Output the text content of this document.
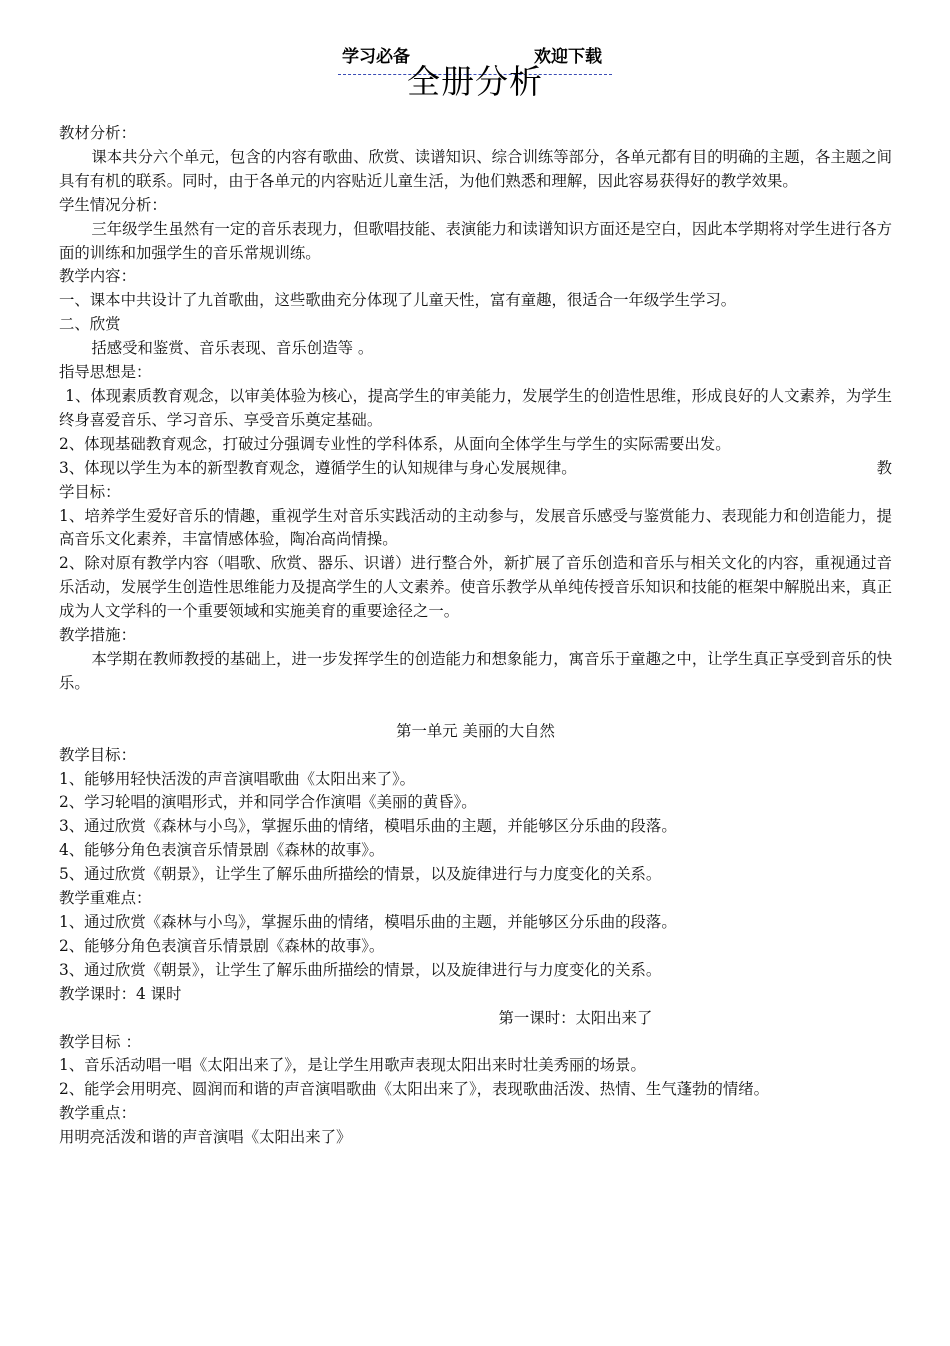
学习必备	欢迎下载
全册分析

教材分析：

课本共分六个单元，包含的内容有歌曲、欣赏、读谱知识、综合训练等部分，各单元都有目的明确的主题，各主题之间具有有机的联系。同时，由于各单元的内容贴近儿童生活，为他们熟悉和理解，因此容易获得好的教学效果。

学生情况分析：

三年级学生虽然有一定的音乐表现力，但歌唱技能、表演能力和读谱知识方面还是空白，因此本学期将对学生进行各方面的训练和加强学生的音乐常规训练。

教学内容：

一、课本中共设计了九首歌曲，这些歌曲充分体现了儿童天性，富有童趣，很适合一年级学生学习。

二、欣赏

括感受和鉴赏、音乐表现、音乐创造等 。

指导思想是：

1、体现素质教育观念，以审美体验为核心，提高学生的审美能力，发展学生的创造性思维，形成良好的人文素养，为学生终身喜爱音乐、学习音乐、享受音乐奠定基础。

2、体现基础教育观念，打破过分强调专业性的学科体系，从面向全体学生与学生的实际需要出发。

教
3、体现以学生为本的新型教育观念，遵循学生的认知规律与身心发展规律。

学目标：

1、培养学生爱好音乐的情趣，重视学生对音乐实践活动的主动参与，发展音乐感受与鉴赏能力、表现能力和创造能力，提高音乐文化素养，丰富情感体验，陶冶高尚情操。

2、除对原有教学内容（唱歌、欣赏、器乐、识谱）进行整合外，新扩展了音乐创造和音乐与相关文化的内容，重视通过音乐活动，发展学生创造性思维能力及提高学生的人文素养。使音乐教学从单纯传授音乐知识和技能的框架中解脱出来，真正成为人文学科的一个重要领域和实施美育的重要途径之一。

教学措施：

本学期在教师教授的基础上，进一步发挥学生的创造能力和想象能力，寓音乐于童趣之中，让学生真正享受到音乐的快乐。

第一单元 美丽的大自然

教学目标：

1、能够用轻快活泼的声音演唱歌曲《太阳出来了》。

2、学习轮唱的演唱形式，并和同学合作演唱《美丽的黄昏》。

3、通过欣赏《森林与小鸟》，掌握乐曲的情绪，模唱乐曲的主题，并能够区分乐曲的段落。

4、能够分角色表演音乐情景剧《森林的故事》。

5、通过欣赏《朝景》，让学生了解乐曲所描绘的情景，以及旋律进行与力度变化的关系。

教学重难点：

1、通过欣赏《森林与小鸟》，掌握乐曲的情绪，模唱乐曲的主题，并能够区分乐曲的段落。

2、能够分角色表演音乐情景剧《森林的故事》。

3、通过欣赏《朝景》，让学生了解乐曲所描绘的情景，以及旋律进行与力度变化的关系。

教学课时：4 课时

第一课时：太阳出来了

教学目标 ：

1、音乐活动唱一唱《太阳出来了》，是让学生用歌声表现太阳出来时壮美秀丽的场景。

2、能学会用明亮、圆润而和谐的声音演唱歌曲《太阳出来了》，表现歌曲活泼、热情、生气蓬勃的情绪。

教学重点：

用明亮活泼和谐的声音演唱《太阳出来了》
